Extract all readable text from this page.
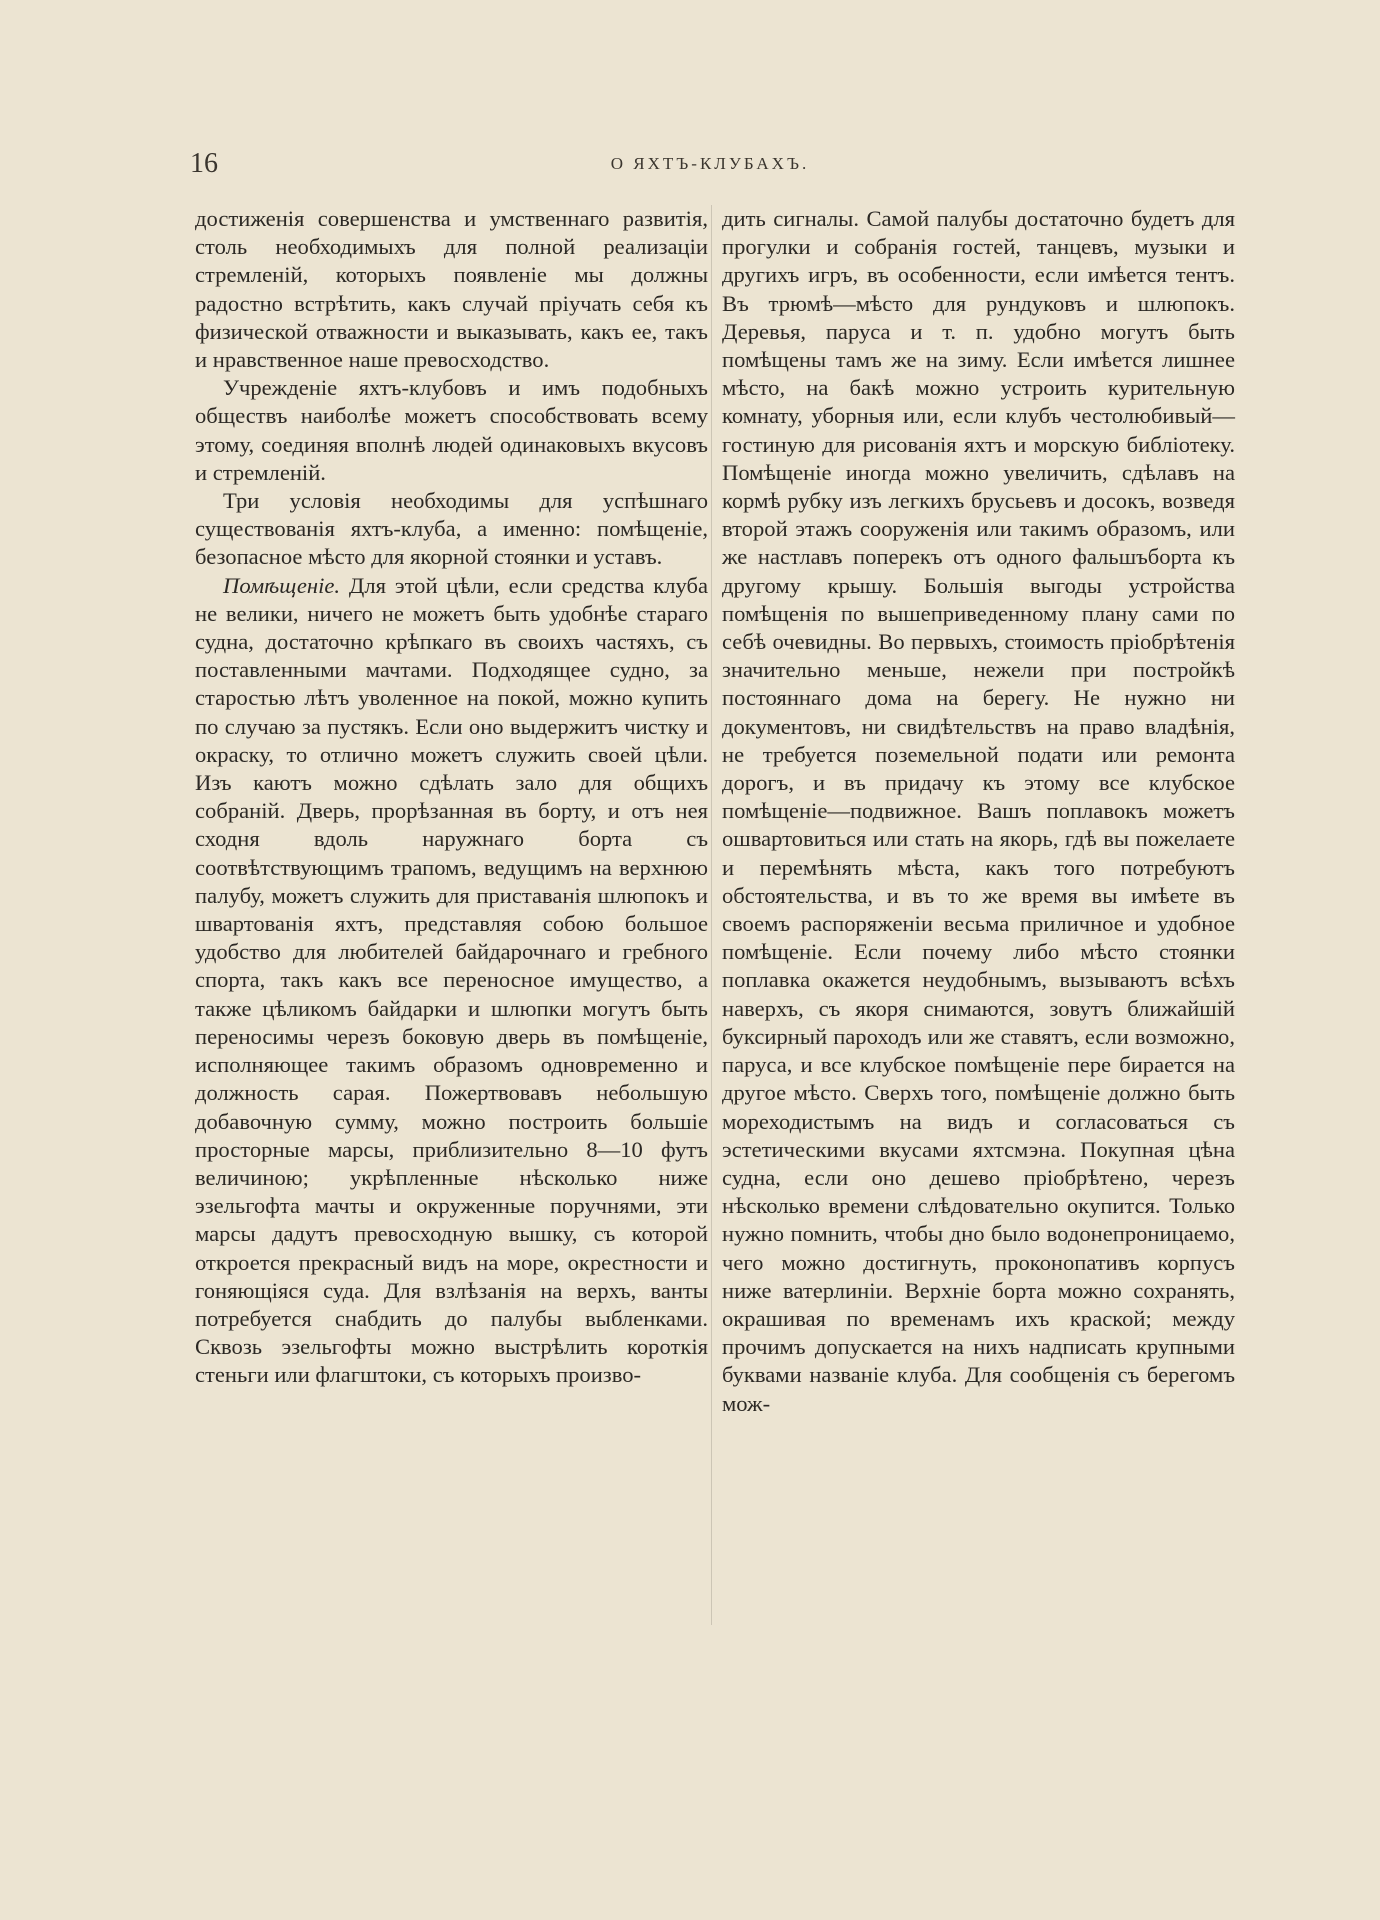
16	О ЯХТЪ-КЛУБАХЪ.

достиженія совершенства и умственнаго развитія, столь необходимыхъ для полной реализаціи стремленій, которыхъ появленіе мы должны радостно встрѣтить, какъ случай пріучать себя къ физической отважности и выказывать, какъ ее, такъ и нравственное наше превосходство.

Учрежденіе яхтъ-клубовъ и имъ подобныхъ обществъ наиболѣе можетъ способствовать всему этому, соединяя вполнѣ людей одинаковыхъ вкусовъ и стремленій.

Три условія необходимы для успѣшнаго существованія яхтъ-клуба, а именно: помѣщеніе, безопасное мѣсто для якорной стоянки и уставъ.

Помѣщеніе. Для этой цѣли, если средства клуба не велики, ничего не можетъ быть удобнѣе стараго судна, достаточно крѣпкаго въ своихъ частяхъ, съ поставленными мачтами. Подходящее судно, за старостью лѣтъ уволенное на покой, можно купить по случаю за пустякъ. Если оно выдержитъ чистку и окраску, то отлично можетъ служить своей цѣли. Изъ каютъ можно сдѣлать зало для общихъ собраній. Дверь, прорѣзанная въ борту, и отъ нея сходня вдоль наружнаго борта съ соотвѣтствующимъ трапомъ, ведущимъ на верхнюю палубу, можетъ служить для приставанія шлюпокъ и швартованія яхтъ, представляя собою большое удобство для любителей байдарочнаго и гребного спорта, такъ какъ все переносное имущество, а также цѣликомъ байдарки и шлюпки могутъ быть переносимы черезъ боковую дверь въ помѣщеніе, исполняющее такимъ образомъ одновременно и должность сарая. Пожертвовавъ небольшую добавочную сумму, можно построить большіе просторные марсы, приблизительно 8—10 футъ величиною; укрѣпленные нѣсколько ниже эзельгофта мачты и окруженные поручнями, эти марсы дадутъ превосходную вышку, съ которой откроется прекрасный видъ на море, окрестности и гоняющіяся суда. Для взлѣзанія на верхъ, ванты потребуется снабдить до палубы выбленками. Сквозь эзельгофты можно выстрѣлить короткія стеньги или флагштоки, съ которыхъ произво-

дить сигналы. Самой палубы достаточно будетъ для прогулки и собранія гостей, танцевъ, музыки и другихъ игръ, въ особенности, если имѣется тентъ. Въ трюмѣ—мѣсто для рундуковъ и шлюпокъ. Деревья, паруса и т. п. удобно могутъ быть помѣщены тамъ же на зиму. Если имѣется лишнее мѣсто, на бакѣ можно устроить курительную комнату, уборныя или, если клубъ честолюбивый—гостиную для рисованія яхтъ и морскую библіотеку. Помѣщеніе иногда можно увеличить, сдѣлавъ на кормѣ рубку изъ легкихъ брусьевъ и досокъ, возведя второй этажъ сооруженія или такимъ образомъ, или же настлавъ поперекъ отъ одного фальшъборта къ другому крышу. Большія выгоды устройства помѣщенія по вышеприведенному плану сами по себѣ очевидны. Во первыхъ, стоимость пріобрѣтенія значительно меньше, нежели при постройкѣ постояннаго дома на берегу. Не нужно ни документовъ, ни свидѣтельствъ на право владѣнія, не требуется поземельной подати или ремонта дорогъ, и въ придачу къ этому все клубское помѣщеніе—подвижное. Вашъ поплавокъ можетъ ошвартовиться или стать на якорь, гдѣ вы пожелаете и перемѣнять мѣста, какъ того потребуютъ обстоятельства, и въ то же время вы имѣете въ своемъ распоряженіи весьма приличное и удобное помѣщеніе. Если почему либо мѣсто стоянки поплавка окажется неудобнымъ, вызываютъ всѣхъ наверхъ, съ якоря снимаются, зовутъ ближайшій буксирный пароходъ или же ставятъ, если возможно, паруса, и все клубское помѣщеніе пере бирается на другое мѣсто. Сверхъ того, помѣщеніе должно быть мореходистымъ на видъ и согласоваться съ эстетическими вкусами яхтсмэна. Покупная цѣна судна, если оно дешево пріобрѣтено, черезъ нѣсколько времени слѣдовательно окупится. Только нужно помнить, чтобы дно было водонепроницаемо, чего можно достигнуть, проконопативъ корпусъ ниже ватерлиніи. Верхніе борта можно сохранять, окрашивая по временамъ ихъ краской; между прочимъ допускается на нихъ надписать крупными буквами названіе клуба. Для сообщенія съ берегомъ мож-
